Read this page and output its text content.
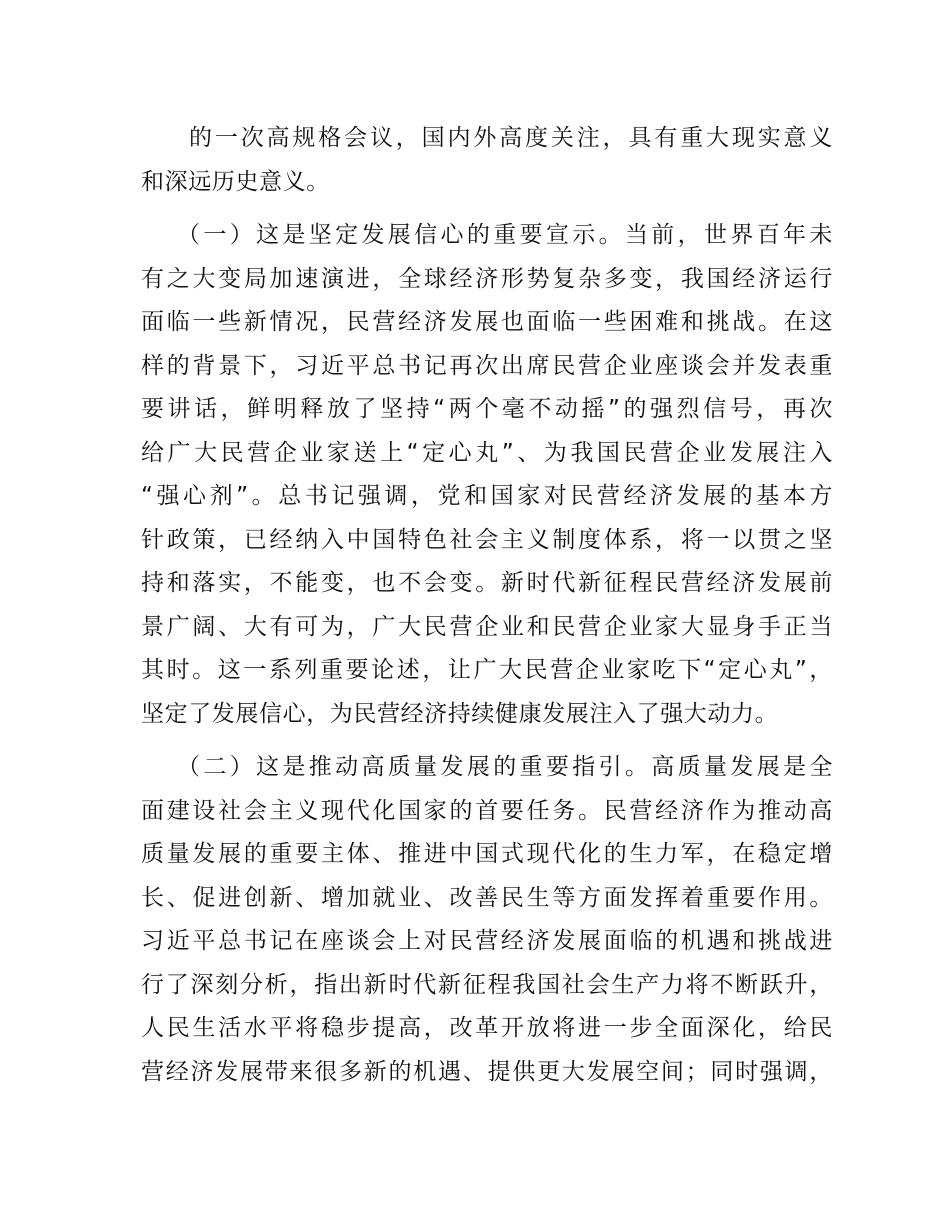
的一次高规格会议，国内外高度关注，具有重大现实意义
和深远历史意义。

（一）这是坚定发展信心的重要宣示。当前，世界百年未
有之大变局加速演进，全球经济形势复杂多变，我国经济运行
面临一些新情况，民营经济发展也面临一些困难和挑战。在这
样的背景下，习近平总书记再次出席民营企业座谈会并发表重
要讲话，鲜明释放了坚持“两个毫不动摇”的强烈信号，再次
给广大民营企业家送上“定心丸”、为我国民营企业发展注入
“强心剂”。总书记强调，党和国家对民营经济发展的基本方
针政策，已经纳入中国特色社会主义制度体系，将一以贯之坚
持和落实，不能变，也不会变。新时代新征程民营经济发展前
景广阔、大有可为，广大民营企业和民营企业家大显身手正当
其时。这一系列重要论述，让广大民营企业家吃下“定心丸”，
坚定了发展信心，为民营经济持续健康发展注入了强大动力。

（二）这是推动高质量发展的重要指引。高质量发展是全
面建设社会主义现代化国家的首要任务。民营经济作为推动高
质量发展的重要主体、推进中国式现代化的生力军，在稳定增
长、促进创新、增加就业、改善民生等方面发挥着重要作用。
习近平总书记在座谈会上对民营经济发展面临的机遇和挑战进
行了深刻分析，指出新时代新征程我国社会生产力将不断跃升，
人民生活水平将稳步提高，改革开放将进一步全面深化，给民
营经济发展带来很多新的机遇、提供更大发展空间；同时强调，
